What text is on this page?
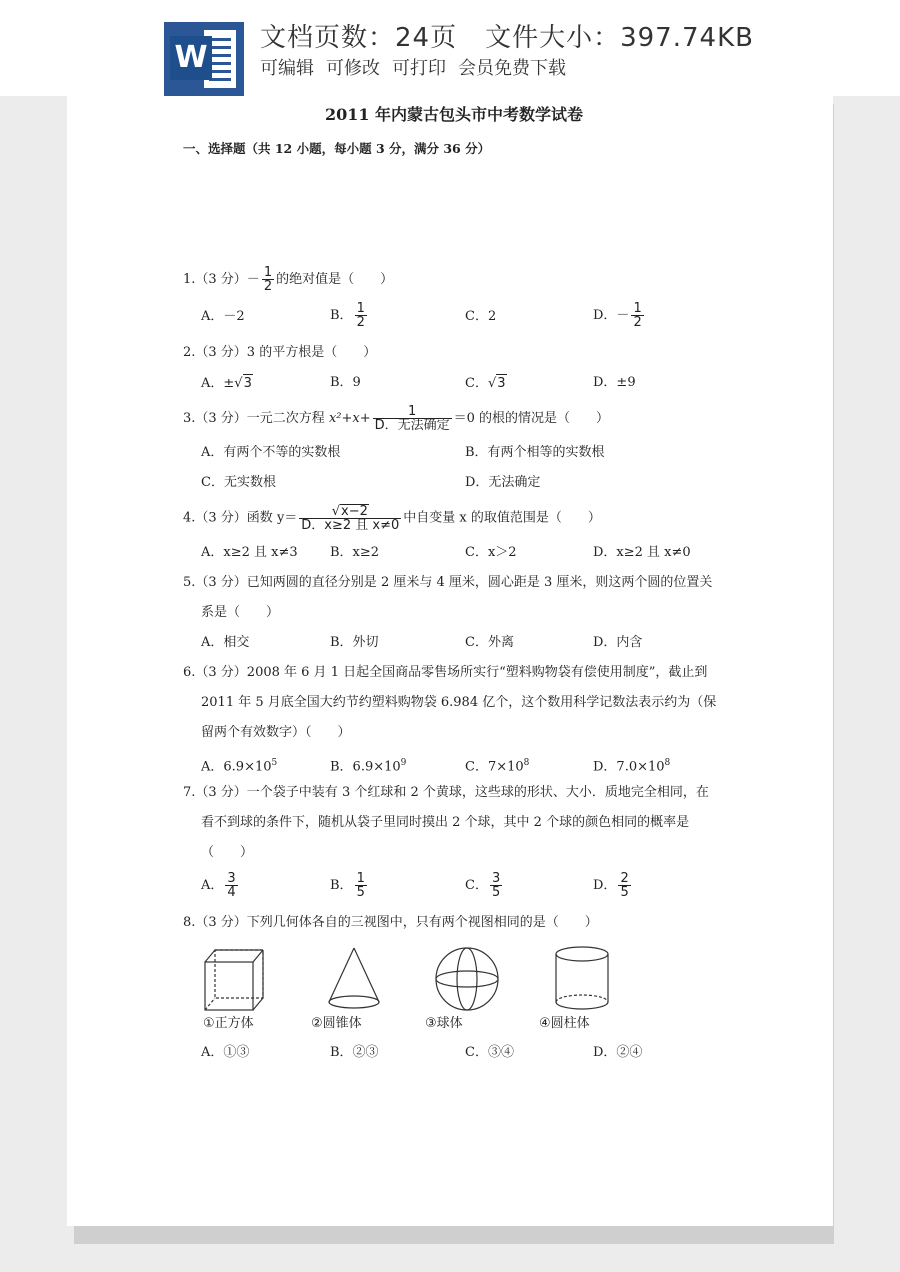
W
文档页数：24页 文件大小：397.74KB
可编辑 可修改 可打印 会员免费下载
2011 年内蒙古包头市中考数学试卷
一、选择题（共 12 小题，每小题 3 分，满分 36 分）
1.（3 分）－ $\frac{1}{2}$ 的绝对值是（　　）
A．－2	B． $\frac{1}{2}$	C．2	D．－ $\frac{1}{2}$
2.（3 分）3 的平方根是（　　）
A．±√3	B．9	C．√3	D．±9
3.（3 分）一元二次方程 $x^2+x+ \frac{1}{\text{D．无法确定}} =0$ 的根的情况是（　　）
A．有两个不等的实数根	B．有两个相等的实数根
C．无实数根	D．无法确定
4.（3 分）函数 $y= \frac{√x-2}{\text{D．x≥2 且 x≠0}}$ 中自变量 x 的取值范围是（　　）
A．x≥2 且 x≠3 B．x≥2	C．x＞2	D．x≥2 且 x≠0
5.（3 分）已知两圆的直径分别是 2 厘米与 4 厘米，圆心距是 3 厘米，则这两个圆的位置关
系是（　　）
A．相交	B．外切	C．外离	D．内含
6.（3 分）2008 年 6 月 1 日起全国商品零售场所实行“塑料购物袋有偿使用制度”，截止到
2011 年 5 月底全国大约节约塑料购物袋 6.984 亿个，这个数用科学记数法表示约为（保
留两个有效数字）（　　）
A．$6.9\times 10^5$	B．$6.9\times 10^9$	C．$7\times 10^8$	D．$7.0\times 10^8$
7.（3 分）一个袋子中装有 3 个红球和 2 个黄球，这些球的形状、大小．质地完全相同，在
看不到球的条件下，随机从袋子里同时摸出 2 个球，其中 2 个球的颜色相同的概率是
（　　）
A． $\frac{3}{4}$	B． $\frac{1}{5}$	C． $\frac{3}{5}$	D． $\frac{2}{5}$
8.（3 分）下列几何体各自的三视图中，只有两个视图相同的是（　　）
①正方体	②圆锥体	③球体	④圆柱体
A．①③	B．②③	C．③④	D．②④
